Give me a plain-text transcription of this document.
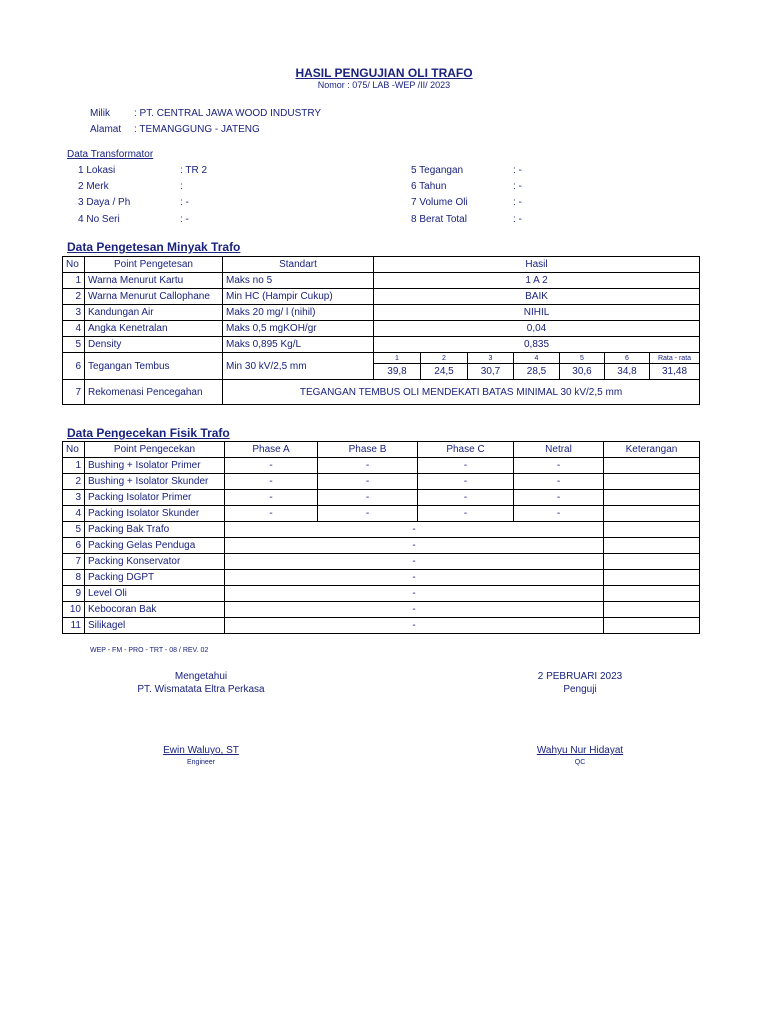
HASIL PENGUJIAN OLI TRAFO
Nomor : 075/ LAB -WEP /II/ 2023
Milik : PT. CENTRAL JAWA WOOD INDUSTRY
Alamat : TEMANGGUNG - JATENG
Data Transformator
1 Lokasi	: TR 2
2 Merk	:
3 Daya / Ph	: -
4 No Seri	: -
5 Tegangan	: -
6 Tahun	: -
7 Volume Oli	: -
8 Berat Total	: -
Data Pengetesan Minyak Trafo
No	Point Pengetesan	Standart	Hasil						
1	Warna Menurut Kartu	Maks no 5	1 A 2						
2	Warna Menurut Callophane	Min HC (Hampir Cukup)	BAIK						
3	Kandungan Air	Maks 20 mg/ l (nihil)	NIHIL						
4	Angka Kenetralan	Maks 0,5 mgKOH/gr	0,04						
5	Density	Maks 0,895 Kg/L	0,835						
6	Tegangan Tembus	Min 30 kV/2,5 mm	1	2	3	4	5	6	Rata - rata
			39,8	24,5	30,7	28,5	30,6	34,8	31,48
7	Rekomenasi Pencegahan	TEGANGAN TEMBUS OLI MENDEKATI BATAS MINIMAL 30 kV/2,5 mm							
Data Pengecekan Fisik Trafo
No	Point Pengecekan	Phase A	Phase B	Phase C	Netral	Keterangan
1	Bushing + Isolator Primer	-	-	-	-	
2	Bushing + Isolator Skunder	-	-	-	-	
3	Packing Isolator Primer	-	-	-	-	
4	Packing Isolator Skunder	-	-	-	-	
5	Packing Bak Trafo	-				
6	Packing Gelas Penduga	-				
7	Packing Konservator	-				
8	Packing DGPT	-				
9	Level Oli	-				
10	Kebocoran Bak	-				
11	Silikagel	-				
WEP - FM - PRO - TRT - 08 / REV. 02
Mengetahui
PT. Wismatata Eltra Perkasa
Ewin Waluyo, ST
Engineer
2 PEBRUARI 2023
Penguji
Wahyu Nur Hidayat
QC
